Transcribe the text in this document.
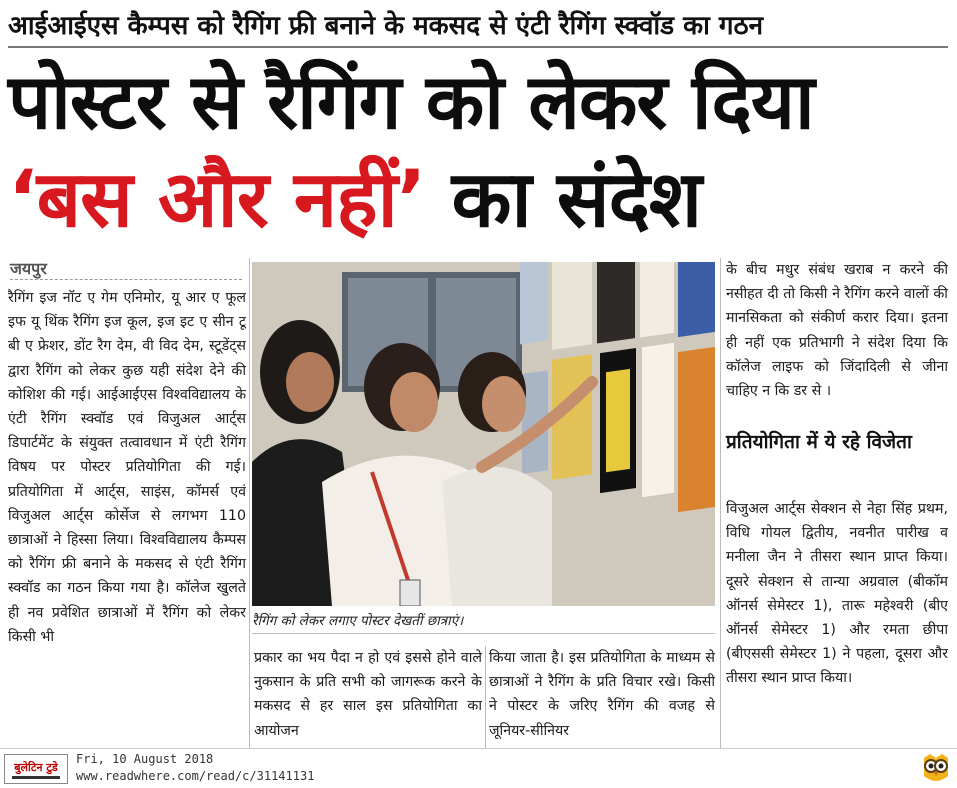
आईआईएस कैम्पस को रैगिंग फ्री बनाने के मकसद से एंटी रैगिंग स्क्वॉड का गठन
पोस्टर से रैगिंग को लेकर दिया
‘बस और नहीं’ का संदेश
जयपुर
रैगिंग इज नॉट ए गेम एनिमोर, यू आर ए फूल इफ यू थिंक रैगिंग इज कूल, इज इट ए सीन टू बी ए फ्रेशर, डोंट रैग देम, वी विद देम, स्टूडेंट्स द्वारा रैगिंग को लेकर कुछ यही संदेश देने की कोशिश की गई। आईआईएस विश्वविद्यालय के एंटी रैगिंग स्क्वॉड एवं विजुअल आर्ट्स डिपार्टमेंट के संयुक्त तत्वावधान में एंटी रैगिंग विषय पर पोस्टर प्रतियोगिता की गई। प्रतियोगिता में आर्ट्स, साइंस, कॉमर्स एवं विजुअल आर्ट्स कोर्सेज से लगभग 110 छात्राओं ने हिस्सा लिया। विश्वविद्यालय कैम्पस को रैगिंग फ्री बनाने के मकसद से एंटी रैगिंग स्क्वॉड का गठन किया गया है। कॉलेज खुलते ही नव प्रवेशित छात्राओं में रैगिंग को लेकर किसी भी
रैगिंग को लेकर लगाए पोस्टर देखतीं छात्राएं।
प्रकार का भय पैदा न हो एवं इससे होने वाले नुकसान के प्रति सभी को जागरूक करने के मकसद से हर साल इस प्रतियोगिता का आयोजन
किया जाता है। इस प्रतियोगिता के माध्यम से छात्राओं ने रैगिंग के प्रति विचार रखे। किसी ने पोस्टर के जरिए रैगिंग की वजह से जूनियर-सीनियर
के बीच मधुर संबंध खराब न करने की नसीहत दी तो किसी ने रैगिंग करने वालों की मानसिकता को संकीर्ण करार दिया। इतना ही नहीं एक प्रतिभागी ने संदेश दिया कि कॉलेज लाइफ को जिंदादिली से जीना चाहिए न कि डर से ।
प्रतियोगिता में ये रहे विजेता
विजुअल आर्ट्स सेक्शन से नेहा सिंह प्रथम, विधि गोयल द्वितीय, नवनीत पारीख व मनीला जैन ने तीसरा स्थान प्राप्त किया। दूसरे सेक्शन से तान्या अग्रवाल (बीकॉम ऑनर्स सेमेस्टर 1), तारू महेश्वरी (बीए ऑनर्स सेमेस्टर 1) और रमता छीपा (बीएससी सेमेस्टर 1) ने पहला, दूसरा और तीसरा स्थान प्राप्त किया।
बुलेटिन टुडे
Fri, 10 August 2018
www.readwhere.com/read/c/31141131
